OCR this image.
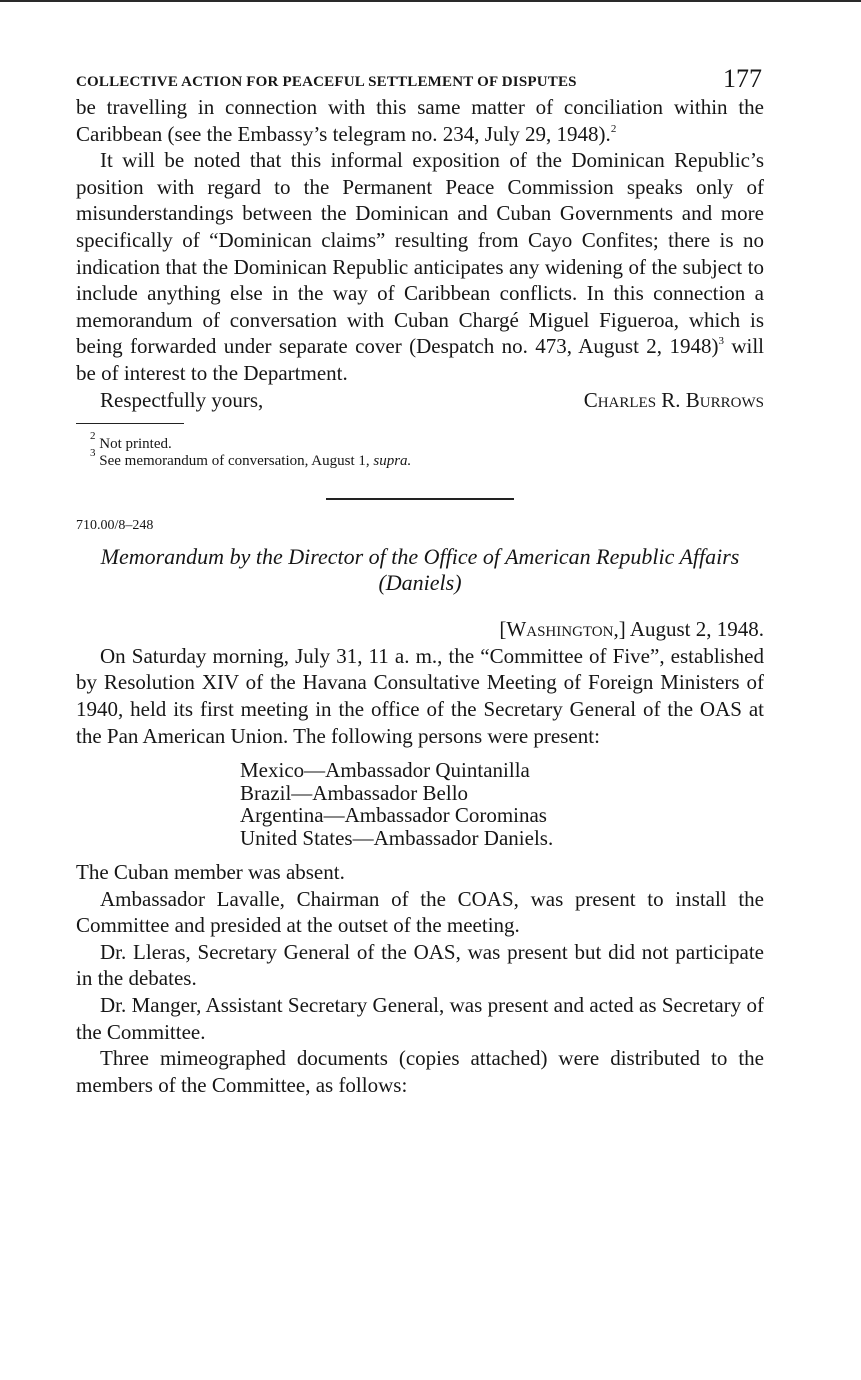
COLLECTIVE ACTION FOR PEACEFUL SETTLEMENT OF DISPUTES	177

be travelling in connection with this same matter of conciliation within the Caribbean (see the Embassy’s telegram no. 234, July 29, 1948).$^2$

It will be noted that this informal exposition of the Dominican Republic’s position with regard to the Permanent Peace Commission speaks only of misunderstandings between the Dominican and Cuban Governments and more specifically of “Dominican claims” resulting from Cayo Confites; there is no indication that the Dominican Republic anticipates any widening of the subject to include anything else in the way of Caribbean conflicts. In this connection a memorandum of conversation with Cuban Chargé Miguel Figueroa, which is being forwarded under separate cover (Despatch no. 473, August 2, 1948)$^3$ will be of interest to the Department.

Respectfully yours,	Charles R. Burrows
$^2$ Not printed.
$^3$ See memorandum of conversation, August 1, supra.
710.00/8–248
Memorandum by the Director of the Office of American Republic Affairs (Daniels)
[Washington,] August 2, 1948.

On Saturday morning, July 31, 11 a. m., the “Committee of Five”, established by Resolution XIV of the Havana Consultative Meeting of Foreign Ministers of 1940, held its first meeting in the office of the Secretary General of the OAS at the Pan American Union. The following persons were present:

Mexico—Ambassador Quintanilla
Brazil—Ambassador Bello
Argentina—Ambassador Corominas
United States—Ambassador Daniels.

The Cuban member was absent.

Ambassador Lavalle, Chairman of the COAS, was present to install the Committee and presided at the outset of the meeting.

Dr. Lleras, Secretary General of the OAS, was present but did not participate in the debates.

Dr. Manger, Assistant Secretary General, was present and acted as Secretary of the Committee.

Three mimeographed documents (copies attached) were distributed to the members of the Committee, as follows:
